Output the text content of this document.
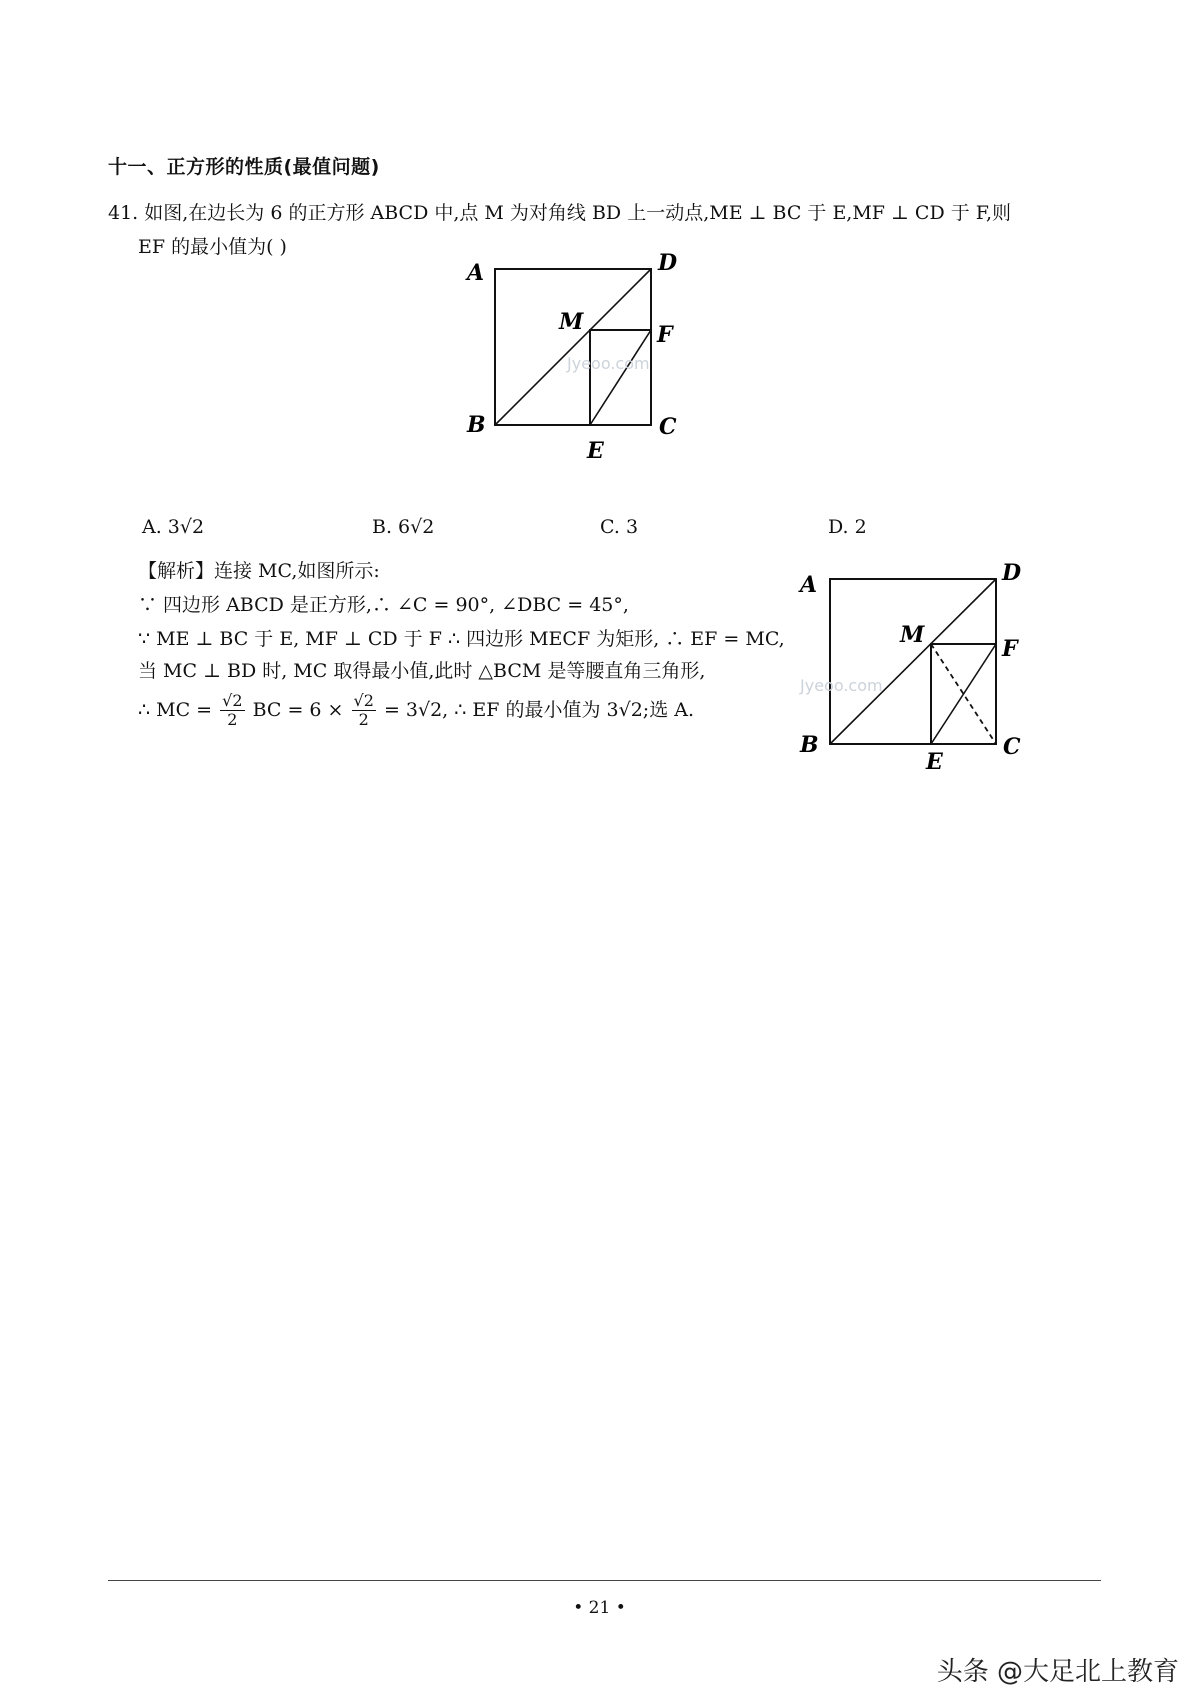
十一、正方形的性质(最值问题)
41. 如图,在边长为 6 的正方形 ABCD 中,点 M 为对角线 BD 上一动点,ME ⊥ BC 于 E,MF ⊥ CD 于 F,则
EF 的最小值为( )
Jyeoo.com
A	D
M	F
B	C
E
A. 3√2	B. 6√2	C. 3	D. 2
【解析】连接 MC,如图所示:
∵ 四边形 ABCD 是正方形,∴ ∠C = 90°, ∠DBC = 45°,
∵ ME ⊥ BC 于 E, MF ⊥ CD 于 F ∴ 四边形 MECF 为矩形, ∴ EF = MC,
当 MC ⊥ BD 时, MC 取得最小值,此时 △BCM 是等腰直角三角形,
∴ MC = $\frac{√2}{2}$ BC = $6 \times \frac{√2}{2} = 3√2$, ∴ EF 的最小值为 3√2;选 A.
Jyeoo.com
A	D
M
F
B	C
E
• 21 •
头条 @大足北上教育
